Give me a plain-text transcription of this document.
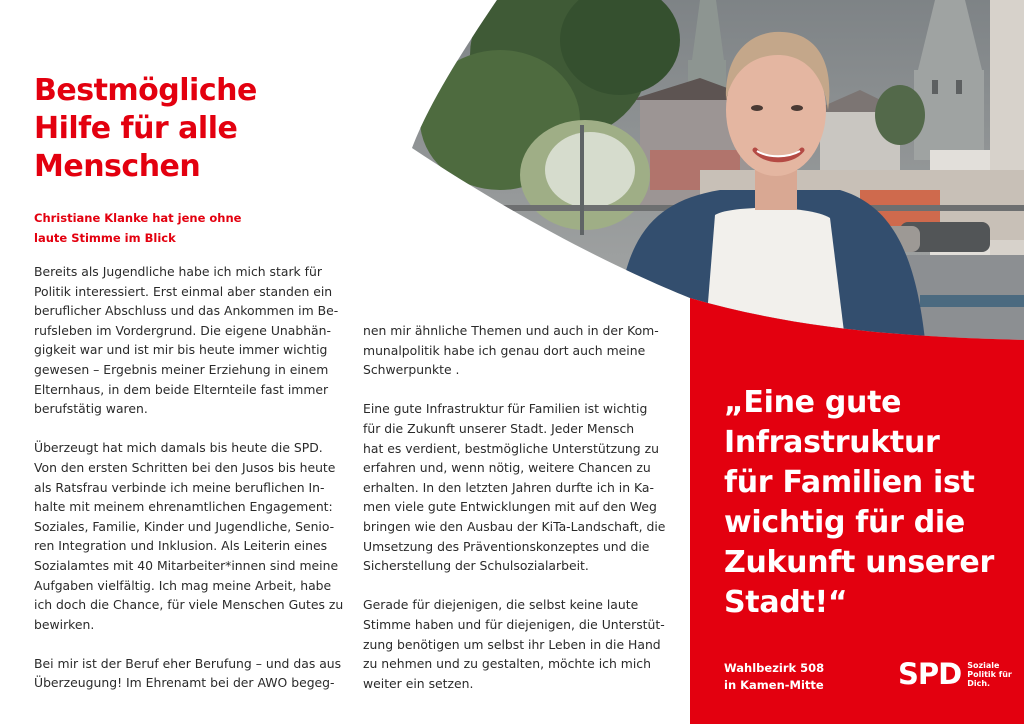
Bestmögliche
Hilfe für alle
Menschen

Christiane Klanke hat jene ohne
laute Stimme im Blick

Bereits als Jugendliche habe ich mich stark für
Politik interessiert. Erst einmal aber standen ein
beruflicher Abschluss und das Ankommen im Be-
rufsleben im Vordergrund. Die eigene Unabhän-
gigkeit war und ist mir bis heute immer wichtig
gewesen – Ergebnis meiner Erziehung in einem
Elternhaus, in dem beide Elternteile fast immer
berufstätig waren.

Überzeugt hat mich damals bis heute die SPD.
Von den ersten Schritten bei den Jusos bis heute
als Ratsfrau verbinde ich meine beruflichen In-
halte mit meinem ehrenamtlichen Engagement:
Soziales, Familie, Kinder und Jugendliche, Senio-
ren Integration und Inklusion. Als Leiterin eines
Sozialamtes mit 40 Mitarbeiter*innen sind meine
Aufgaben vielfältig. Ich mag meine Arbeit, habe
ich doch die Chance, für viele Menschen Gutes zu
bewirken.

Bei mir ist der Beruf eher Berufung – und das aus
Überzeugung! Im Ehrenamt bei der AWO begeg-

nen mir ähnliche Themen und auch in der Kom-
munalpolitik habe ich genau dort auch meine
Schwerpunkte .

Eine gute Infrastruktur für Familien ist wichtig
für die Zukunft unserer Stadt. Jeder Mensch
hat es verdient, bestmögliche Unterstützung zu
erfahren und, wenn nötig, weitere Chancen zu
erhalten. In den letzten Jahren durfte ich in Ka-
men viele gute Entwicklungen mit auf den Weg
bringen wie den Ausbau der KiTa-Landschaft, die
Umsetzung des Präventionskonzeptes und die
Sicherstellung der Schulsozialarbeit.

Gerade für diejenigen, die selbst keine laute
Stimme haben und für diejenigen, die Unterstüt-
zung benötigen um selbst ihr Leben in die Hand
zu nehmen und zu gestalten, möchte ich mich
weiter ein setzen.

„Eine gute
Infrastruktur
für Familien ist
wichtig für die
Zukunft unserer
Stadt!“
Wahlbezirk 508
in Kamen-Mitte	SPD Soziale
Politik für
Dich.
